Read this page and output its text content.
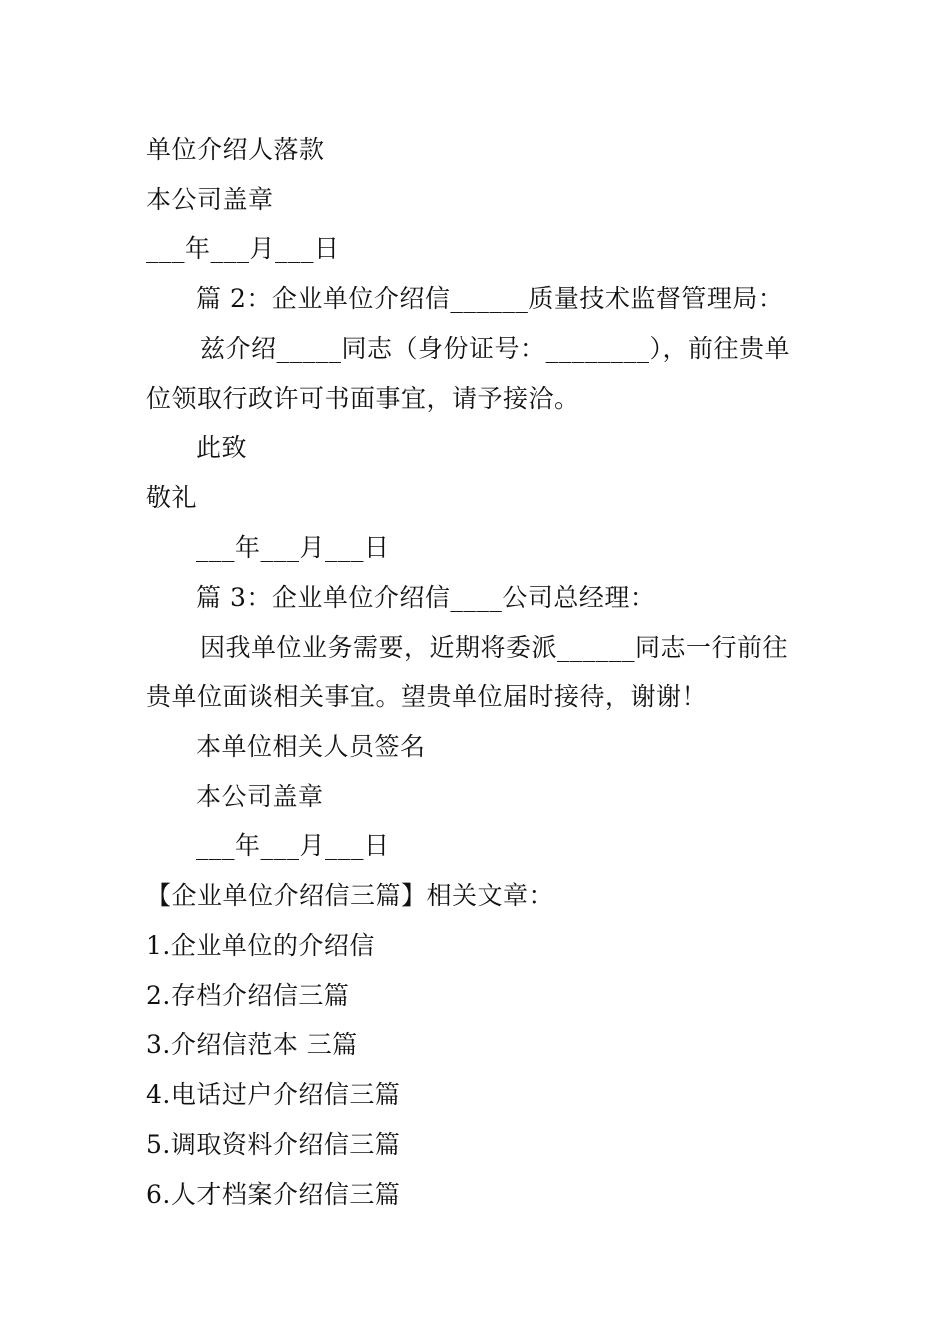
单位介绍人落款
本公司盖章
___年___月___日
篇 2：企业单位介绍信______质量技术监督管理局：
兹介绍_____同志（身份证号：________），前往贵单
位领取行政许可书面事宜，请予接洽。
此致
敬礼
___年___月___日
篇 3：企业单位介绍信____公司总经理：
因我单位业务需要，近期将委派______同志一行前往
贵单位面谈相关事宜。望贵单位届时接待，谢谢！
本单位相关人员签名
本公司盖章
___年___月___日
【企业单位介绍信三篇】相关文章：
1.企业单位的介绍信
2.存档介绍信三篇
3.介绍信范本 三篇
4.电话过户介绍信三篇
5.调取资料介绍信三篇
6.人才档案介绍信三篇
